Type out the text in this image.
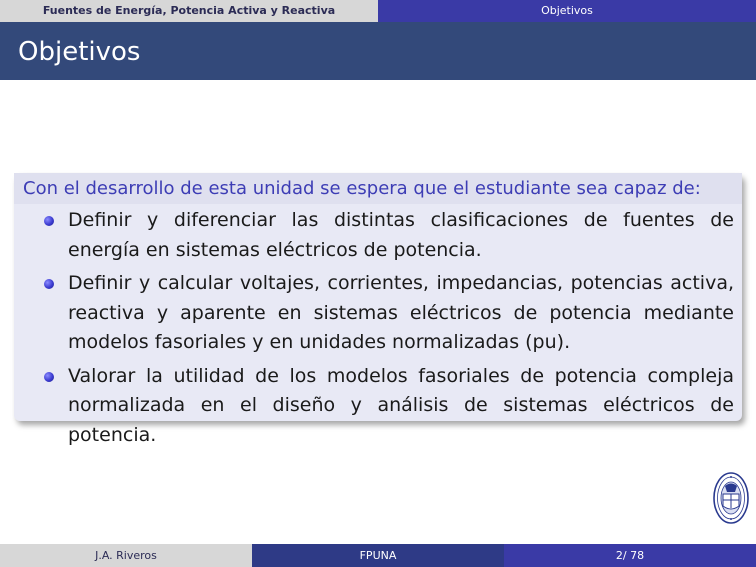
Fuentes de Energía, Potencia Activa y Reactiva	Objetivos
Objetivos
Con el desarrollo de esta unidad se espera que el estudiante sea capaz de:
Definir y diferenciar las distintas clasificaciones de fuentes de energía en sistemas eléctricos de potencia.
Definir y calcular voltajes, corrientes, impedancias, potencias activa, reactiva y aparente en sistemas eléctricos de potencia mediante modelos fasoriales y en unidades normalizadas (pu).
Valorar la utilidad de los modelos fasoriales de potencia compleja normalizada en el diseño y análisis de sistemas eléctricos de potencia.
J.A. Riveros	FPUNA	2/ 78
